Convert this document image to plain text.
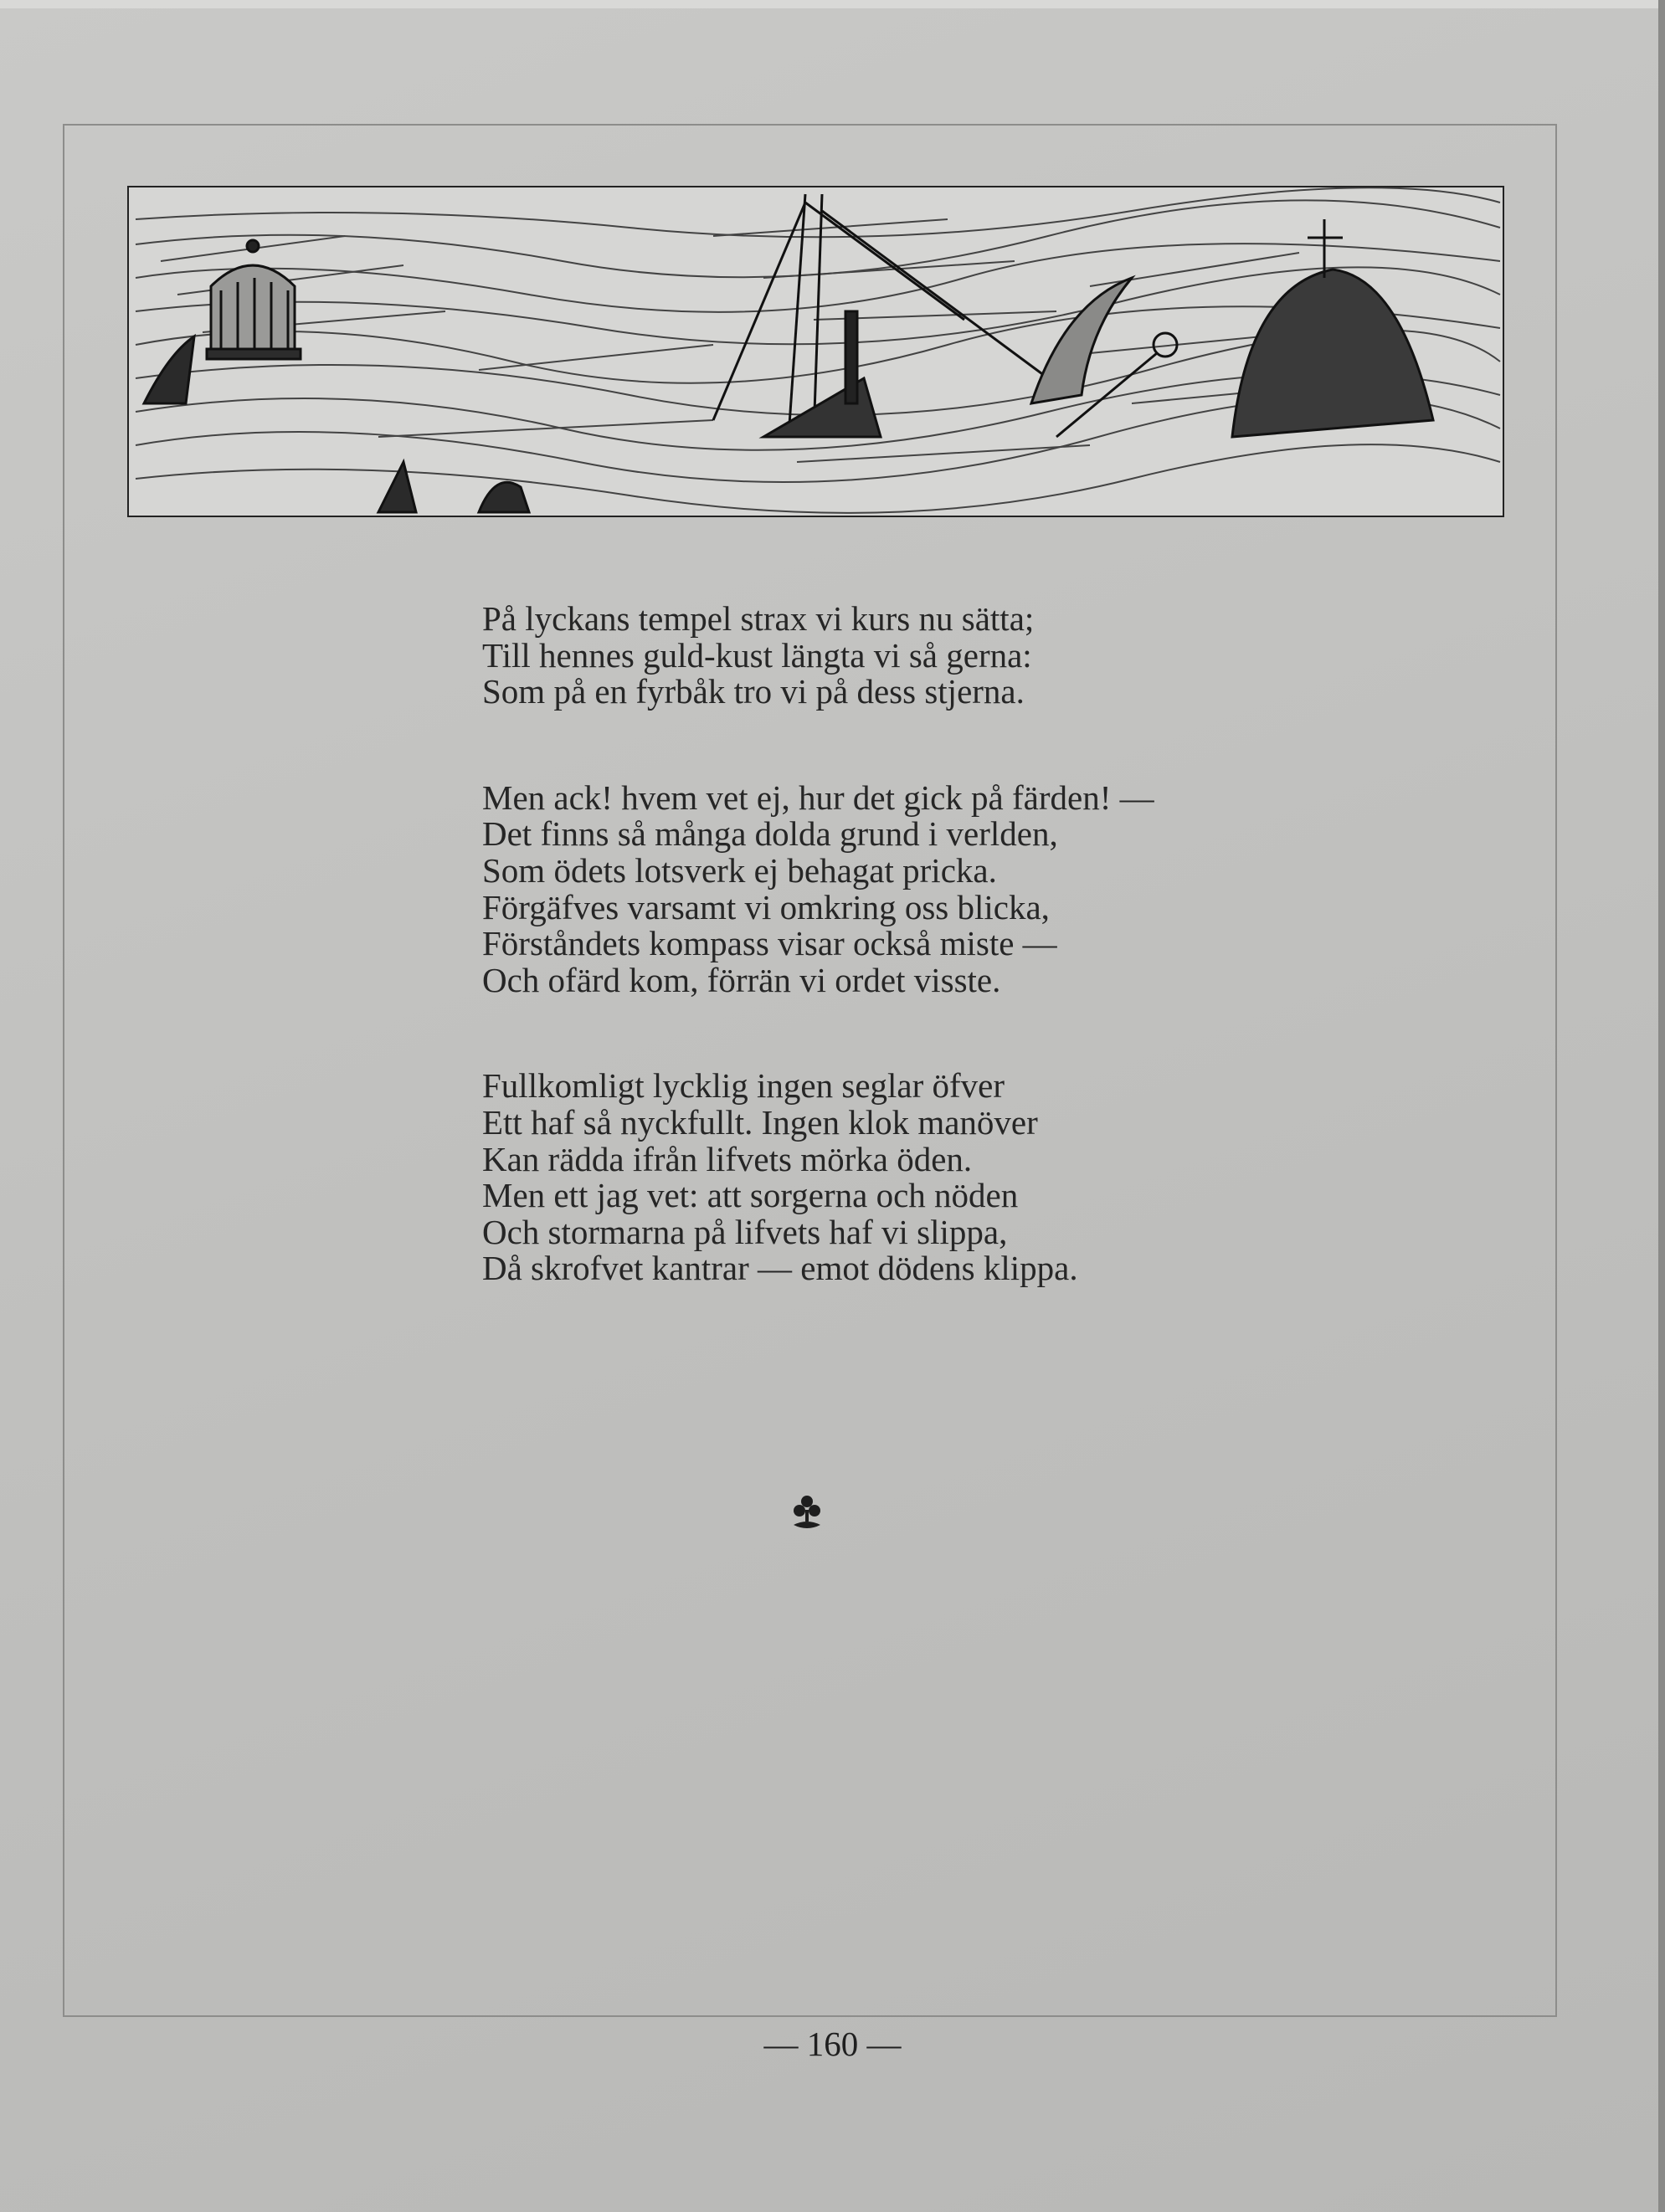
På lyckans tempel strax vi kurs nu sätta;
Till hennes guld-kust längta vi så gerna:
Som på en fyrbåk tro vi på dess stjerna.
Men ack! hvem vet ej, hur det gick på färden! —
Det finns så många dolda grund i verlden,
Som ödets lotsverk ej behagat pricka.
Förgäfves varsamt vi omkring oss blicka,
Förståndets kompass visar också miste —
Och ofärd kom, förrän vi ordet visste.
Fullkomligt lycklig ingen seglar öfver
Ett haf så nyckfullt. Ingen klok manöver
Kan rädda ifrån lifvets mörka öden.
Men ett jag vet: att sorgerna och nöden
Och stormarna på lifvets haf vi slippa,
Då skrofvet kantrar — emot dödens klippa.
— 160 —
